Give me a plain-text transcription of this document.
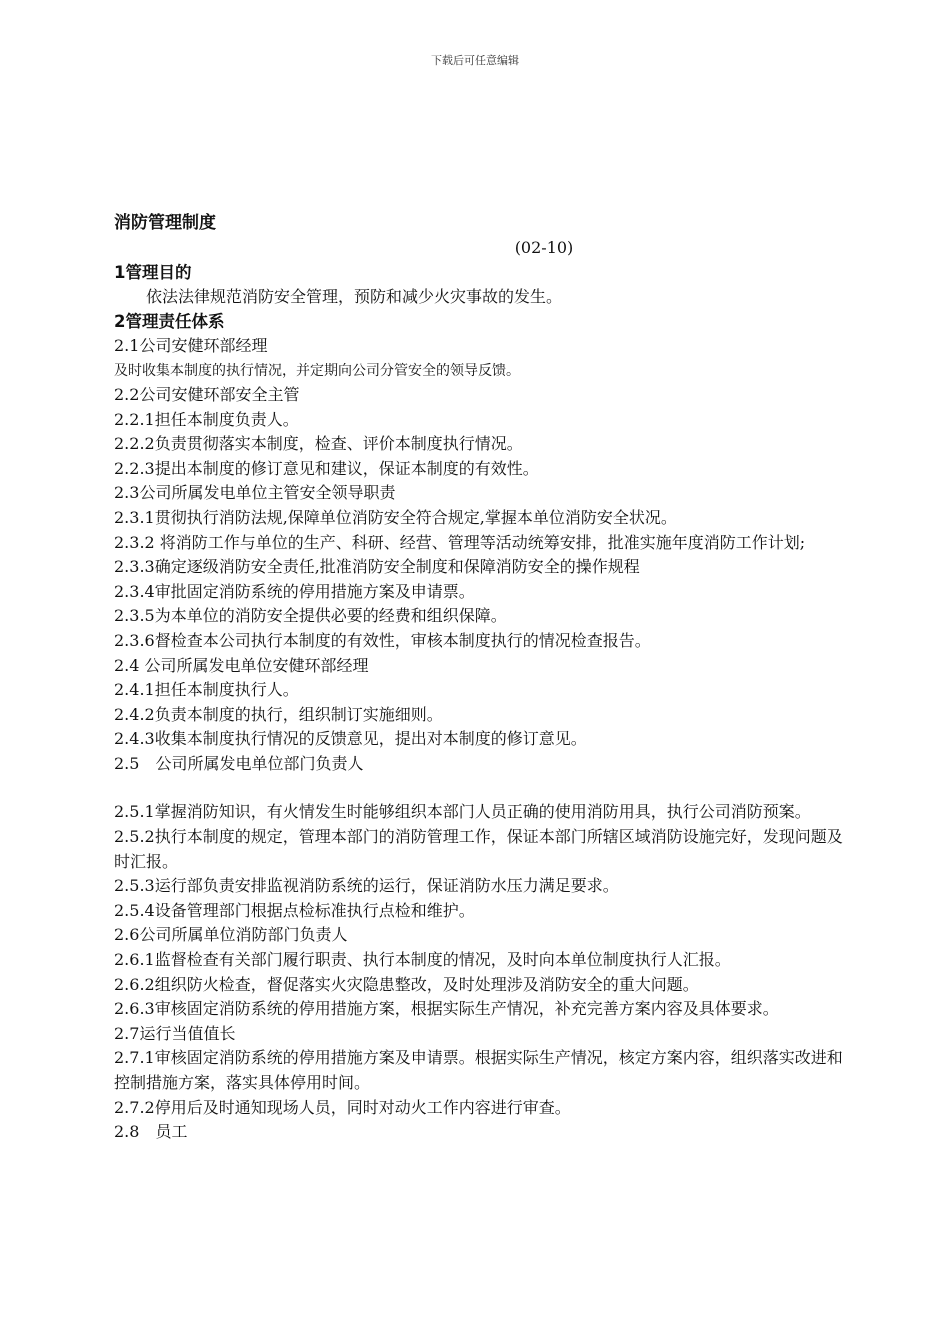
下载后可任意编辑

消防管理制度

(02-10)

1管理目的

依法法律规范消防安全管理，预防和减少火灾事故的发生。

2管理责任体系

2.1公司安健环部经理

及时收集本制度的执行情况，并定期向公司分管安全的领导反馈。

2.2公司安健环部安全主管

2.2.1担任本制度负责人。

2.2.2负责贯彻落实本制度，检查、评价本制度执行情况。

2.2.3提出本制度的修订意见和建议，保证本制度的有效性。

2.3公司所属发电单位主管安全领导职责

2.3.1贯彻执行消防法规,保障单位消防安全符合规定,掌握本单位消防安全状况。

2.3.2 将消防工作与单位的生产、科研、经营、管理等活动统筹安排，批准实施年度消防工作计划;

2.3.3确定逐级消防安全责任,批准消防安全制度和保障消防安全的操作规程

2.3.4审批固定消防系统的停用措施方案及申请票。

2.3.5为本单位的消防安全提供必要的经费和组织保障。

2.3.6督检查本公司执行本制度的有效性，审核本制度执行的情况检查报告。

2.4 公司所属发电单位安健环部经理

2.4.1担任本制度执行人。

2.4.2负责本制度的执行，组织制订实施细则。

2.4.3收集本制度执行情况的反馈意见，提出对本制度的修订意见。

2.5　公司所属发电单位部门负责人

2.5.1掌握消防知识，有火情发生时能够组织本部门人员正确的使用消防用具，执行公司消防预案。

2.5.2执行本制度的规定，管理本部门的消防管理工作，保证本部门所辖区域消防设施完好，发现问题及时汇报。

2.5.3运行部负责安排监视消防系统的运行，保证消防水压力满足要求。

2.5.4设备管理部门根据点检标准执行点检和维护。

2.6公司所属单位消防部门负责人

2.6.1监督检查有关部门履行职责、执行本制度的情况，及时向本单位制度执行人汇报。

2.6.2组织防火检查，督促落实火灾隐患整改，及时处理涉及消防安全的重大问题。

2.6.3审核固定消防系统的停用措施方案，根据实际生产情况，补充完善方案内容及具体要求。

2.7运行当值值长

2.7.1审核固定消防系统的停用措施方案及申请票。根据实际生产情况，核定方案内容，组织落实改进和控制措施方案，落实具体停用时间。

2.7.2停用后及时通知现场人员，同时对动火工作内容进行审查。

2.8　员工
